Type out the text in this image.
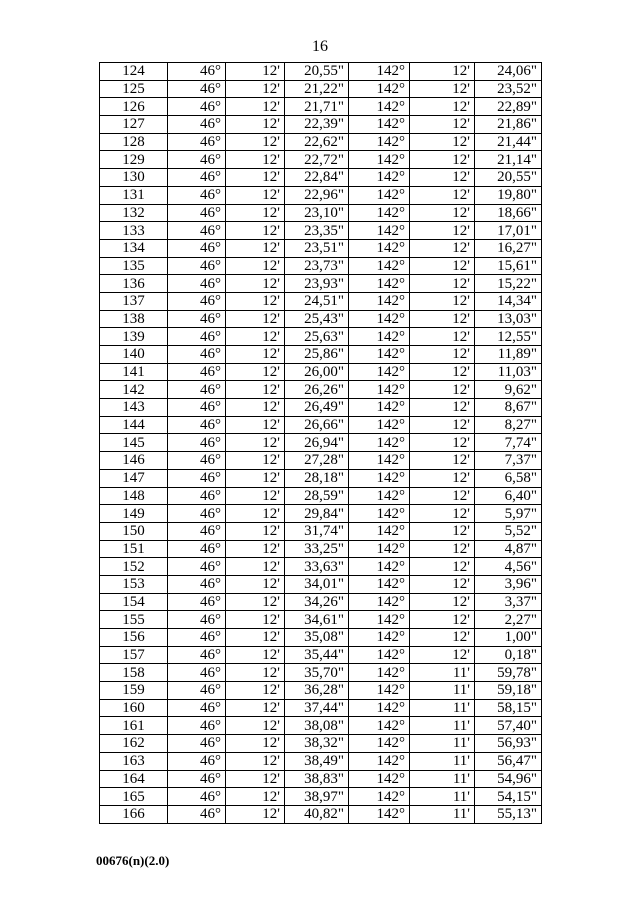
16
124	46°	12'	20,55"	142°	12'	24,06"
125	46°	12'	21,22"	142°	12'	23,52"
126	46°	12'	21,71"	142°	12'	22,89"
127	46°	12'	22,39"	142°	12'	21,86"
128	46°	12'	22,62"	142°	12'	21,44"
129	46°	12'	22,72"	142°	12'	21,14"
130	46°	12'	22,84"	142°	12'	20,55"
131	46°	12'	22,96"	142°	12'	19,80"
132	46°	12'	23,10"	142°	12'	18,66"
133	46°	12'	23,35"	142°	12'	17,01"
134	46°	12'	23,51"	142°	12'	16,27"
135	46°	12'	23,73"	142°	12'	15,61"
136	46°	12'	23,93"	142°	12'	15,22"
137	46°	12'	24,51"	142°	12'	14,34"
138	46°	12'	25,43"	142°	12'	13,03"
139	46°	12'	25,63"	142°	12'	12,55"
140	46°	12'	25,86"	142°	12'	11,89"
141	46°	12'	26,00"	142°	12'	11,03"
142	46°	12'	26,26"	142°	12'	9,62"
143	46°	12'	26,49"	142°	12'	8,67"
144	46°	12'	26,66"	142°	12'	8,27"
145	46°	12'	26,94"	142°	12'	7,74"
146	46°	12'	27,28"	142°	12'	7,37"
147	46°	12'	28,18"	142°	12'	6,58"
148	46°	12'	28,59"	142°	12'	6,40"
149	46°	12'	29,84"	142°	12'	5,97"
150	46°	12'	31,74"	142°	12'	5,52"
151	46°	12'	33,25"	142°	12'	4,87"
152	46°	12'	33,63"	142°	12'	4,56"
153	46°	12'	34,01"	142°	12'	3,96"
154	46°	12'	34,26"	142°	12'	3,37"
155	46°	12'	34,61"	142°	12'	2,27"
156	46°	12'	35,08"	142°	12'	1,00"
157	46°	12'	35,44"	142°	12'	0,18"
158	46°	12'	35,70"	142°	11'	59,78"
159	46°	12'	36,28"	142°	11'	59,18"
160	46°	12'	37,44"	142°	11'	58,15"
161	46°	12'	38,08"	142°	11'	57,40"
162	46°	12'	38,32"	142°	11'	56,93"
163	46°	12'	38,49"	142°	11'	56,47"
164	46°	12'	38,83"	142°	11'	54,96"
165	46°	12'	38,97"	142°	11'	54,15"
166	46°	12'	40,82"	142°	11'	55,13"
00676(n)(2.0)
